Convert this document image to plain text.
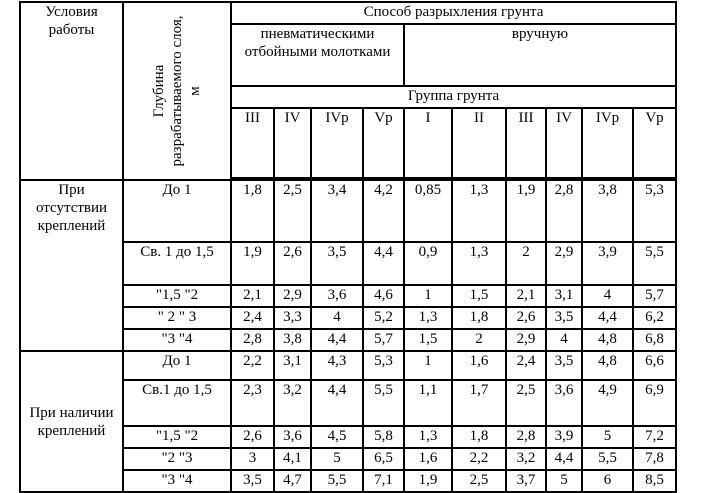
Условия работы	Глубина разрабатываемого слоя, м	Способ разрыхления грунта									
		пневматическими отбойными молотками				вручную					
		Группа грунта									
		III	IV	IVр	Vр	I	II	III	IV	IVр	Vр

При отсутствии креплений	До 1	1,8	2,5	3,4	4,2	0,85	1,3	1,9	2,8	3,8	5,3
	Св. 1 до 1,5	1,9	2,6	3,5	4,4	0,9	1,3	2	2,9	3,9	5,5
	"1,5 "2	2,1	2,9	3,6	4,6	1	1,5	2,1	3,1	4	5,7
	" 2 " 3	2,4	3,3	4	5,2	1,3	1,8	2,6	3,5	4,4	6,2
	"3 "4	2,8	3,8	4,4	5,7	1,5	2	2,9	4	4,8	6,8
При наличии креплений	До 1	2,2	3,1	4,3	5,3	1	1,6	2,4	3,5	4,8	6,6
	Св.1 до 1,5	2,3	3,2	4,4	5,5	1,1	1,7	2,5	3,6	4,9	6,9
	"1,5 "2	2,6	3,6	4,5	5,8	1,3	1,8	2,8	3,9	5	7,2
	"2 "3	3	4,1	5	6,5	1,6	2,2	3,2	4,4	5,5	7,8
	"3 "4	3,5	4,7	5,5	7,1	1,9	2,5	3,7	5	6	8,5
